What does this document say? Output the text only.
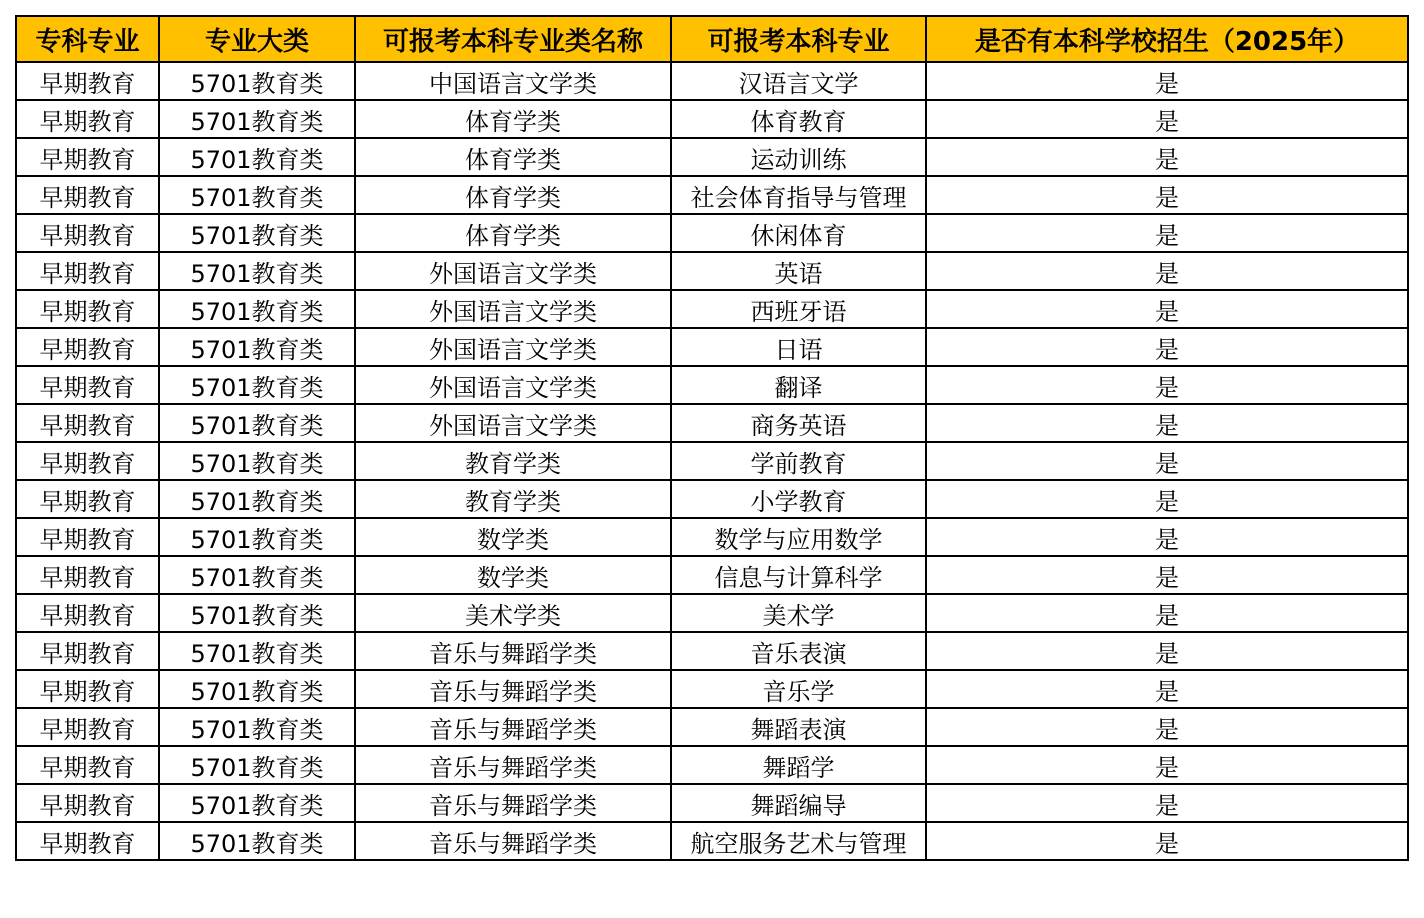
专科专业	专业大类	可报考本科专业类名称	可报考本科专业	是否有本科学校招生（2025年）
早期教育	5701教育类	中国语言文学类	汉语言文学	是
早期教育	5701教育类	体育学类	体育教育	是
早期教育	5701教育类	体育学类	运动训练	是
早期教育	5701教育类	体育学类	社会体育指导与管理	是
早期教育	5701教育类	体育学类	休闲体育	是
早期教育	5701教育类	外国语言文学类	英语	是
早期教育	5701教育类	外国语言文学类	西班牙语	是
早期教育	5701教育类	外国语言文学类	日语	是
早期教育	5701教育类	外国语言文学类	翻译	是
早期教育	5701教育类	外国语言文学类	商务英语	是
早期教育	5701教育类	教育学类	学前教育	是
早期教育	5701教育类	教育学类	小学教育	是
早期教育	5701教育类	数学类	数学与应用数学	是
早期教育	5701教育类	数学类	信息与计算科学	是
早期教育	5701教育类	美术学类	美术学	是
早期教育	5701教育类	音乐与舞蹈学类	音乐表演	是
早期教育	5701教育类	音乐与舞蹈学类	音乐学	是
早期教育	5701教育类	音乐与舞蹈学类	舞蹈表演	是
早期教育	5701教育类	音乐与舞蹈学类	舞蹈学	是
早期教育	5701教育类	音乐与舞蹈学类	舞蹈编导	是
早期教育	5701教育类	音乐与舞蹈学类	航空服务艺术与管理	是
